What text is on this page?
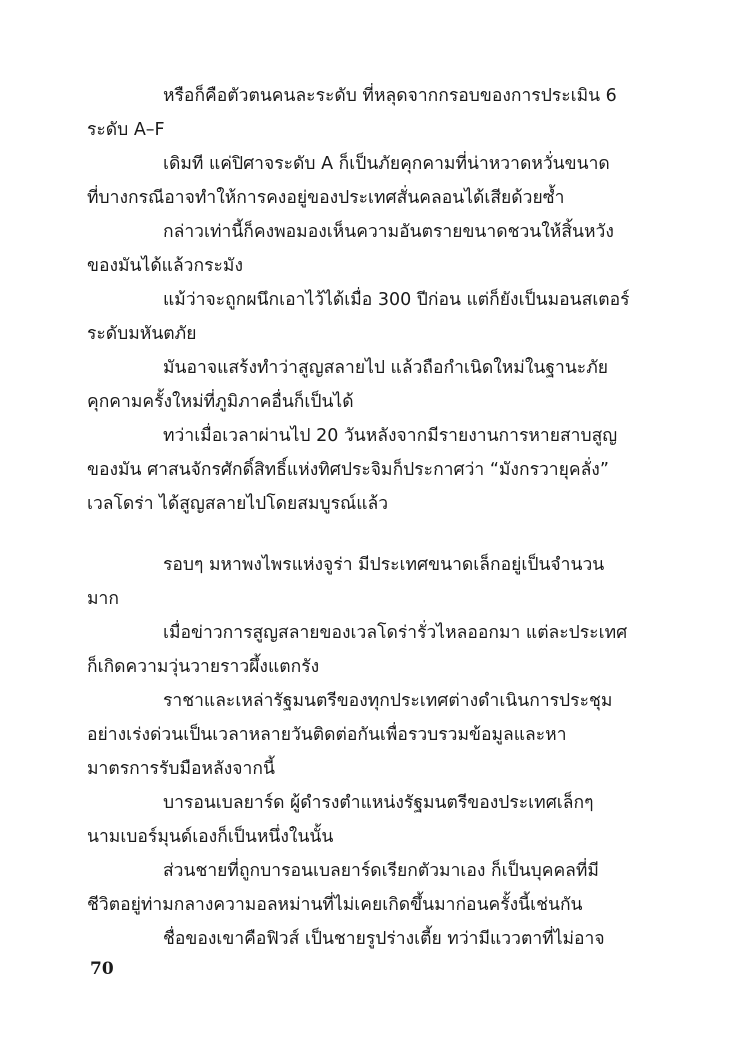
หรือก็คือตัวตนคนละระดับ ที่หลุดจากกรอบของการประเมิน 6
ระดับ A–F
เดิมที แค่ปิศาจระดับ A ก็เป็นภัยคุกคามที่น่าหวาดหวั่นขนาด
ที่บางกรณีอาจทำให้การคงอยู่ของประเทศสั่นคลอนได้เสียด้วยซ้ำ
กล่าวเท่านี้ก็คงพอมองเห็นความอันตรายขนาดชวนให้สิ้นหวัง
ของมันได้แล้วกระมัง
แม้ว่าจะถูกผนึกเอาไว้ได้เมื่อ 300 ปีก่อน แต่ก็ยังเป็นมอนสเตอร์
ระดับมหันตภัย
มันอาจแสร้งทำว่าสูญสลายไป แล้วถือกำเนิดใหม่ในฐานะภัย
คุกคามครั้งใหม่ที่ภูมิภาคอื่นก็เป็นได้
ทว่าเมื่อเวลาผ่านไป 20 วันหลังจากมีรายงานการหายสาบสูญ
ของมัน ศาสนจักรศักดิ์สิทธิ์แห่งทิศประจิมก็ประกาศว่า “มังกรวายุคลั่ง”
เวลโดร่า ได้สูญสลายไปโดยสมบูรณ์แล้ว
รอบๆ มหาพงไพรแห่งจูร่า มีประเทศขนาดเล็กอยู่เป็นจำนวน
มาก
เมื่อข่าวการสูญสลายของเวลโดร่ารั่วไหลออกมา แต่ละประเทศ
ก็เกิดความวุ่นวายราวผึ้งแตกรัง
ราชาและเหล่ารัฐมนตรีของทุกประเทศต่างดำเนินการประชุม
อย่างเร่งด่วนเป็นเวลาหลายวันติดต่อกันเพื่อรวบรวมข้อมูลและหา
มาตรการรับมือหลังจากนี้
บารอนเบลยาร์ด ผู้ดำรงตำแหน่งรัฐมนตรีของประเทศเล็กๆ
นามเบอร์มุนด์เองก็เป็นหนึ่งในนั้น
ส่วนชายที่ถูกบารอนเบลยาร์ดเรียกตัวมาเอง ก็เป็นบุคคลที่มี
ชีวิตอยู่ท่ามกลางความอลหม่านที่ไม่เคยเกิดขึ้นมาก่อนครั้งนี้เช่นกัน
ชื่อของเขาคือฟิวส์ เป็นชายรูปร่างเตี้ย ทว่ามีแววตาที่ไม่อาจ
70
